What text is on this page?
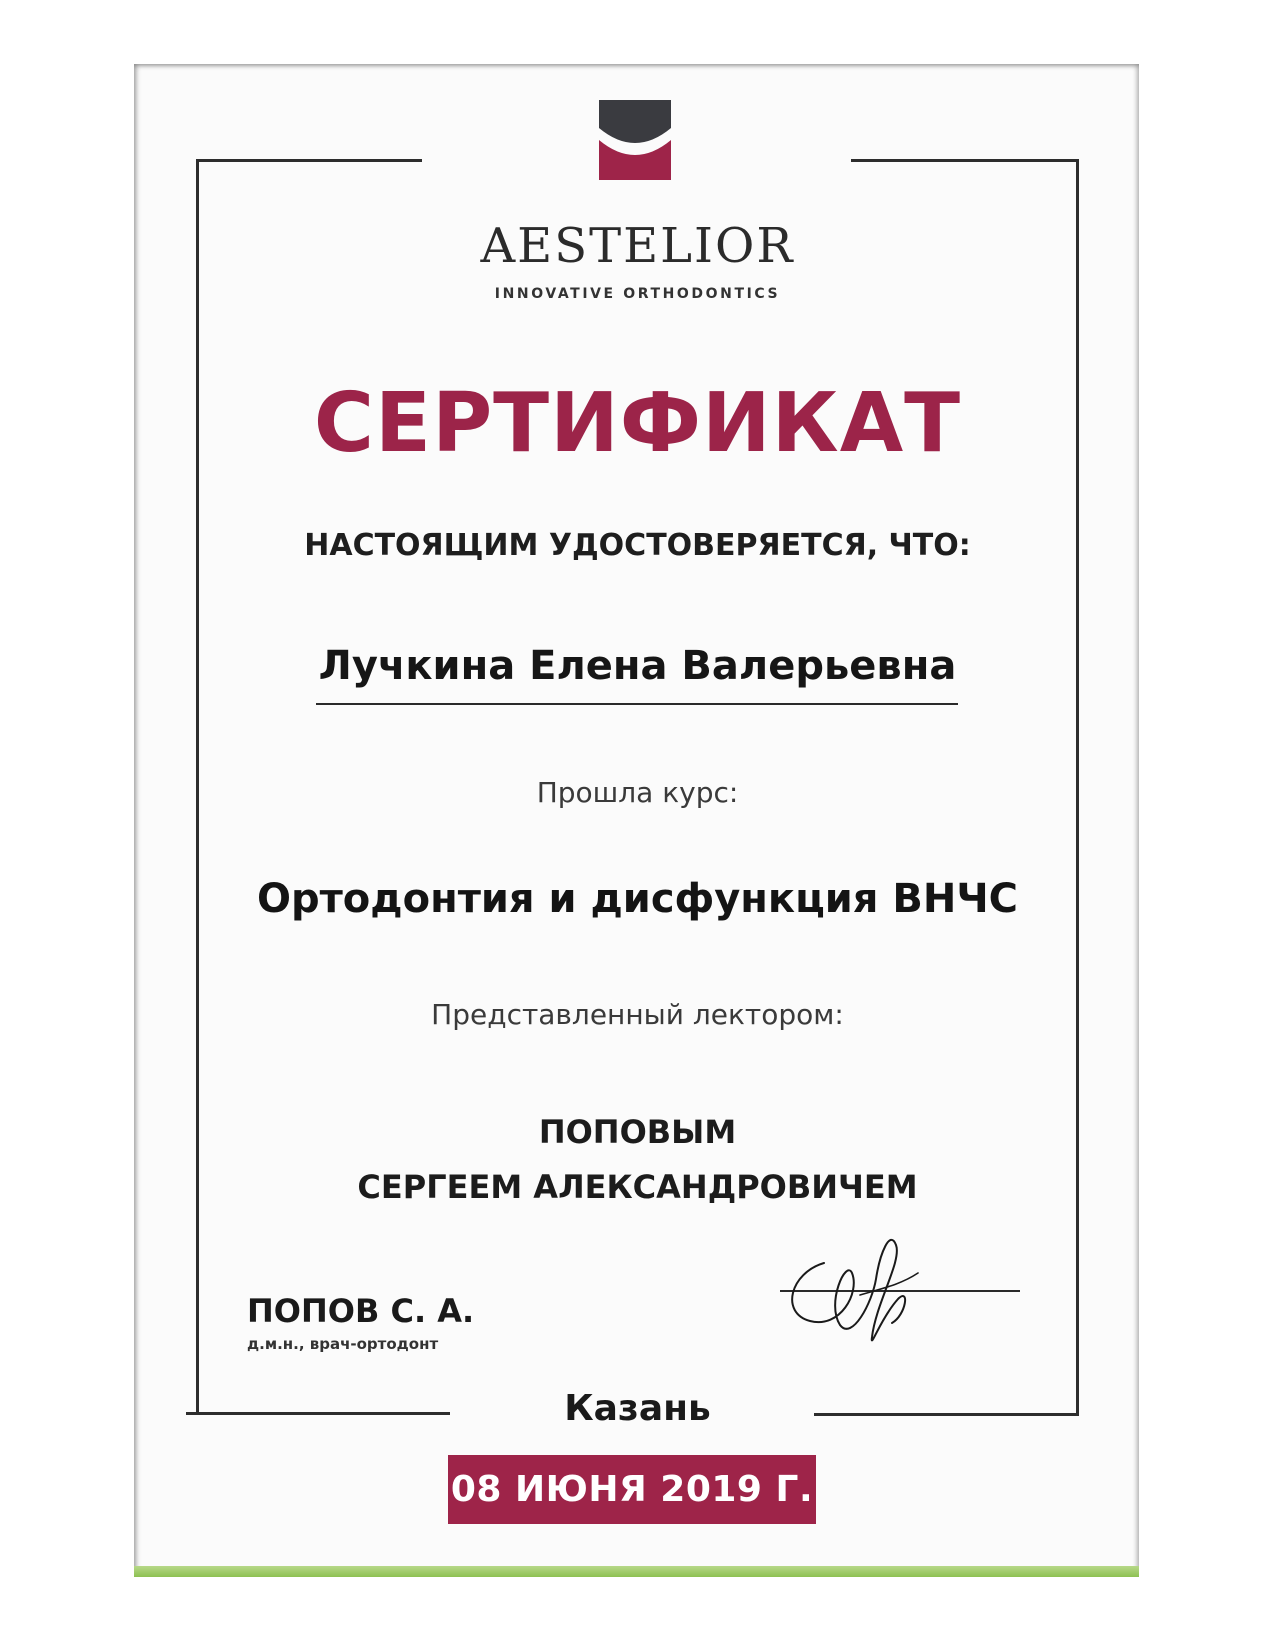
AESTELIOR
INNOVATIVE ORTHODONTICS
СЕРТИФИКАТ
НАСТОЯЩИМ УДОСТОВЕРЯЕТСЯ, ЧТО:
Лучкина Елена Валерьевна
Прошла курс:
Ортодонтия и дисфункция ВНЧС
Представленный лектором:
ПОПОВЫМ
СЕРГЕЕМ АЛЕКСАНДРОВИЧЕМ
ПОПОВ С. А.
д.м.н., врач-ортодонт
Казань
08 ИЮНЯ 2019 Г.
